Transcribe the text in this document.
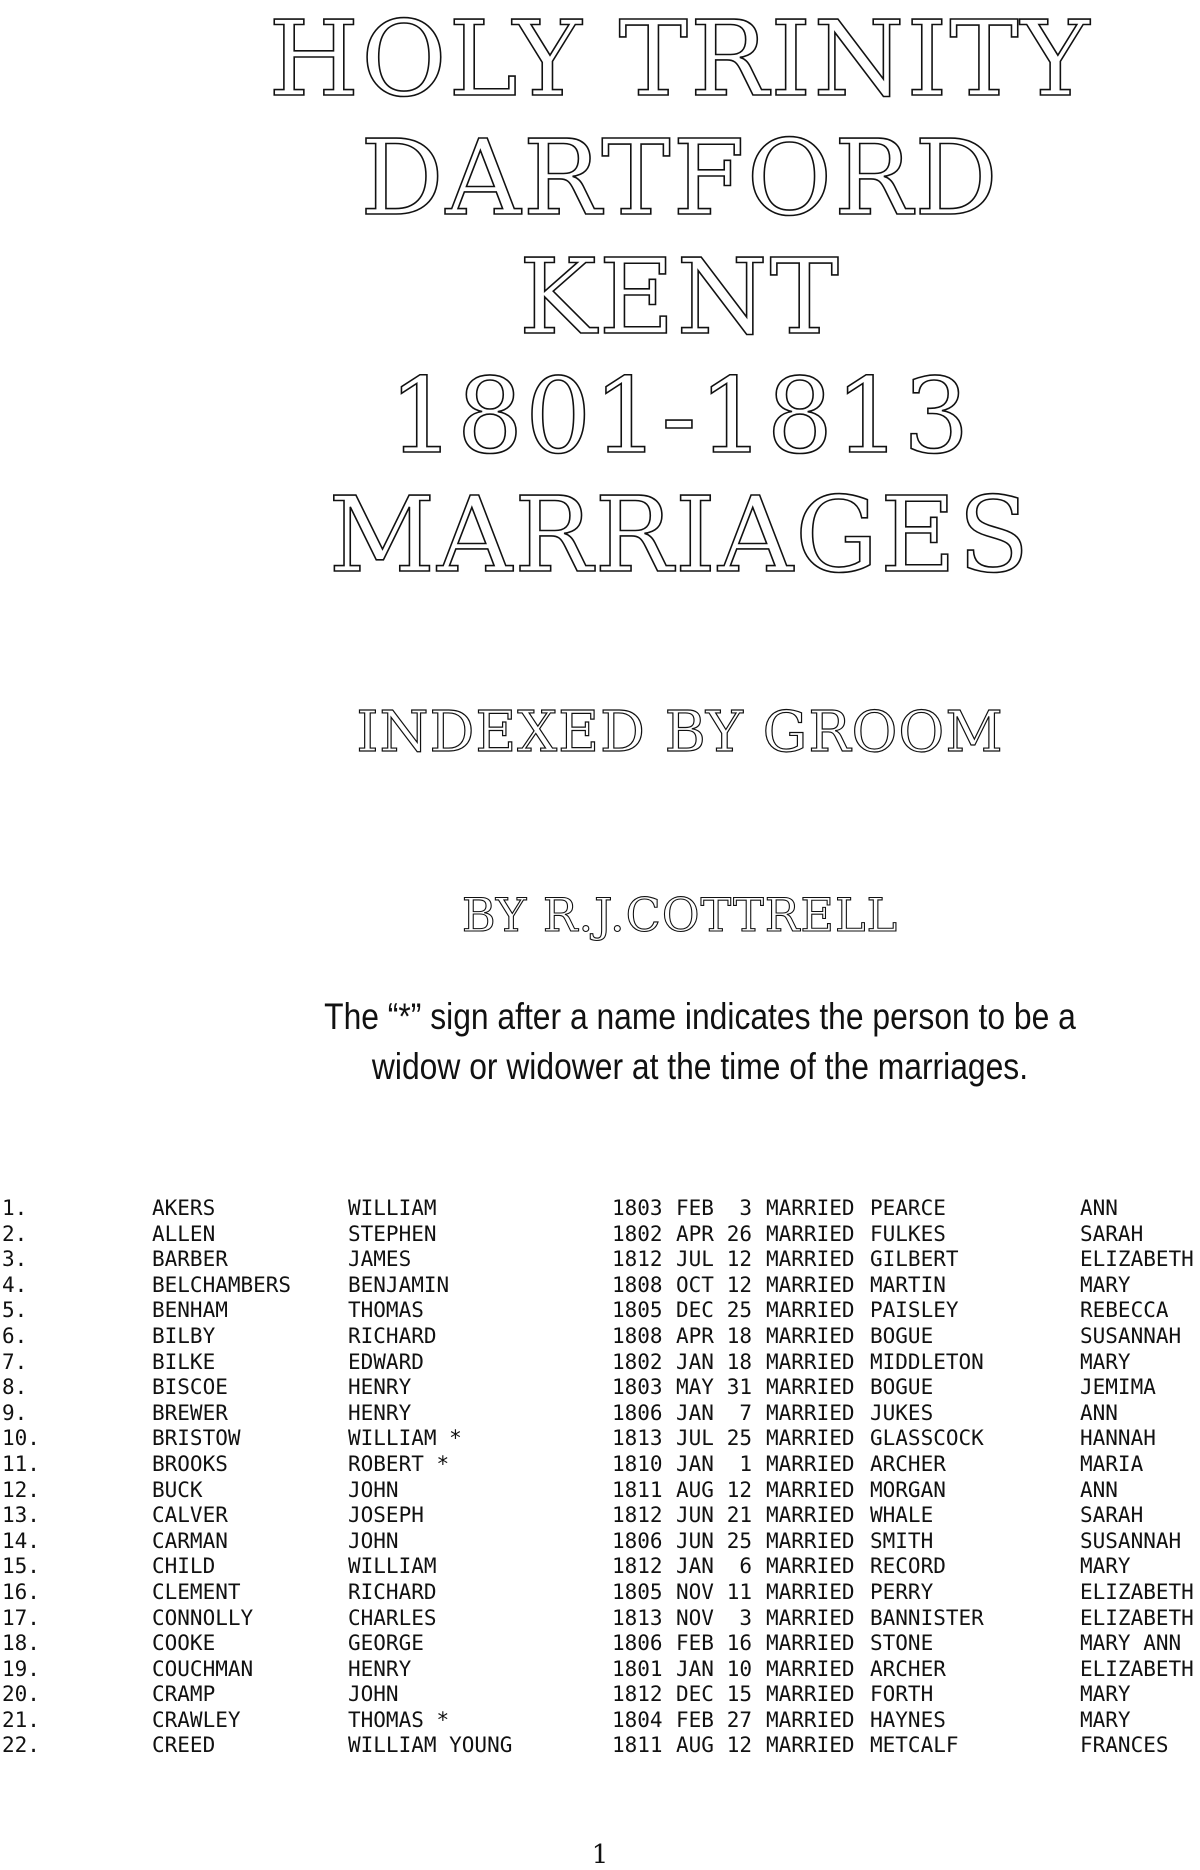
HOLY TRINITY
DARTFORD
KENT
1801-1813
MARRIAGES
INDEXED BY GROOM
BY R.J.COTTRELL

The “*” sign after a name indicates the person to be a

widow or widower at the time of the marriages.

1.	AKERS	WILLIAM	1803 FEB	3 MARRIED PEARCE	ANN
2.	ALLEN	STEPHEN	1802 APR 26 MARRIED FULKES	SARAH
3.	BARBER	JAMES	1812 JUL 12 MARRIED GILBERT	ELIZABETH
4.	BELCHAMBERS	BENJAMIN	1808 OCT 12 MARRIED MARTIN	MARY
5.	BENHAM	THOMAS	1805 DEC 25 MARRIED PAISLEY	REBECCA
6.	BILBY	RICHARD	1808 APR 18 MARRIED BOGUE	SUSANNAH
7.	BILKE	EDWARD	1802 JAN 18 MARRIED MIDDLETON	MARY
8.	BISCOE	HENRY	1803 MAY 31 MARRIED BOGUE	JEMIMA
9.	BREWER	HENRY	1806 JAN	7 MARRIED JUKES	ANN
10.	BRISTOW	WILLIAM *	1813 JUL 25 MARRIED GLASSCOCK	HANNAH
11.	BROOKS	ROBERT *	1810 JAN	1 MARRIED ARCHER	MARIA
12.	BUCK	JOHN	1811 AUG 12 MARRIED MORGAN	ANN
13.	CALVER	JOSEPH	1812 JUN 21 MARRIED WHALE	SARAH
14.	CARMAN	JOHN	1806 JUN 25 MARRIED SMITH	SUSANNAH
15.	CHILD	WILLIAM	1812 JAN	6 MARRIED RECORD	MARY
16.	CLEMENT	RICHARD	1805 NOV 11 MARRIED PERRY	ELIZABETH
17.	CONNOLLY	CHARLES	1813 NOV	3 MARRIED BANNISTER	ELIZABETH
18.	COOKE	GEORGE	1806 FEB 16 MARRIED STONE	MARY ANN
19.	COUCHMAN	HENRY	1801 JAN 10 MARRIED ARCHER	ELIZABETH
20.	CRAMP	JOHN	1812 DEC 15 MARRIED FORTH	MARY
21.	CRAWLEY	THOMAS *	1804 FEB 27 MARRIED HAYNES	MARY
22.	CREED	WILLIAM YOUNG	1811 AUG 12 MARRIED METCALF	FRANCES
1
